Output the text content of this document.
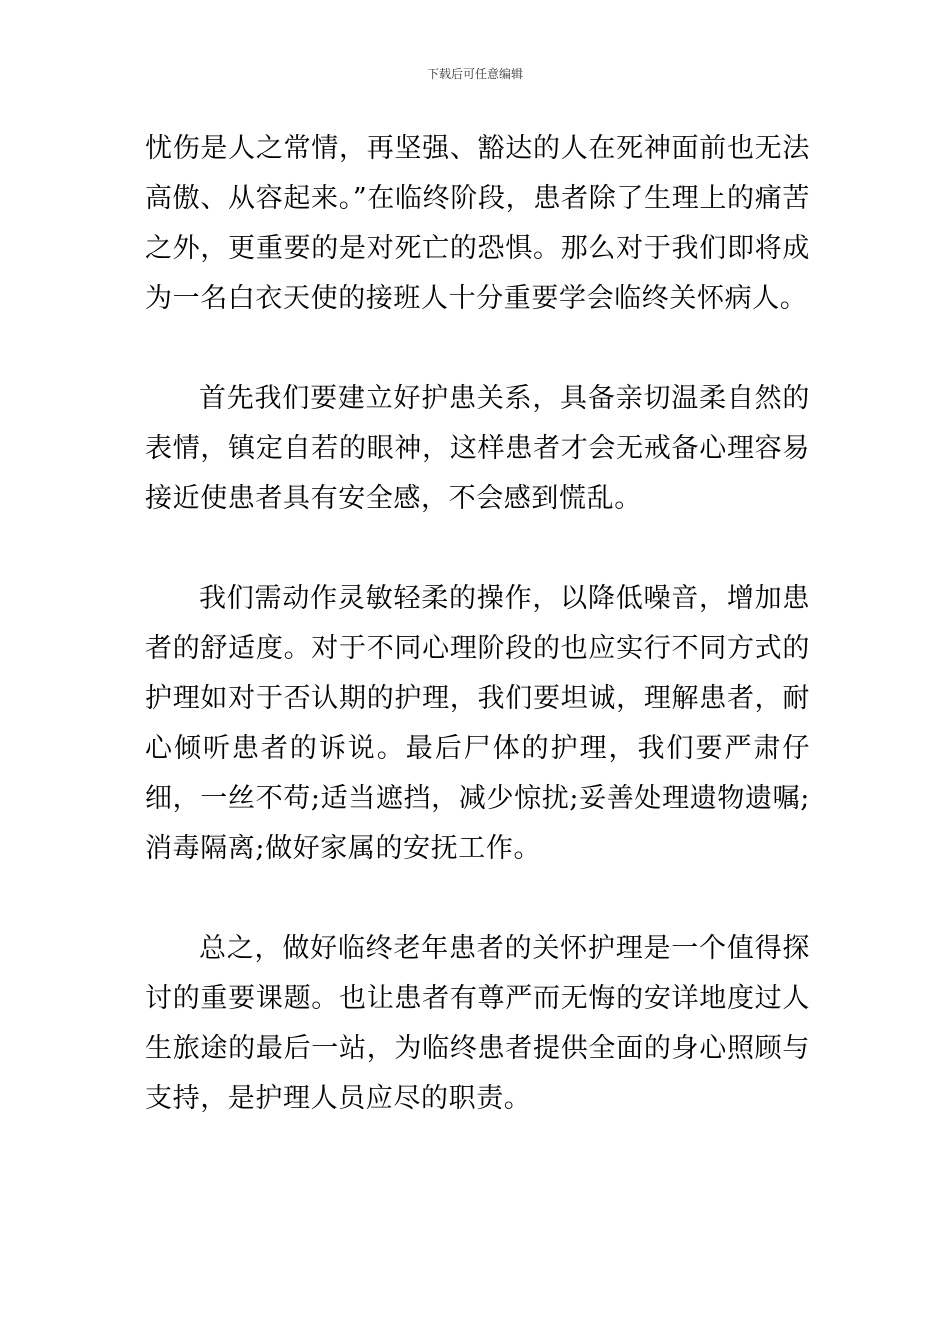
下载后可任意编辑

忧伤是人之常情，再坚强、豁达的人在死神面前也无法高傲、从容起来。”在临终阶段，患者除了生理上的痛苦之外，更重要的是对死亡的恐惧。那么对于我们即将成为一名白衣天使的接班人十分重要学会临终关怀病人。

首先我们要建立好护患关系，具备亲切温柔自然的表情，镇定自若的眼神，这样患者才会无戒备心理容易接近使患者具有安全感，不会感到慌乱。

我们需动作灵敏轻柔的操作，以降低噪音，增加患者的舒适度。对于不同心理阶段的也应实行不同方式的护理如对于否认期的护理，我们要坦诚，理解患者，耐心倾听患者的诉说。最后尸体的护理，我们要严肃仔细，一丝不苟;适当遮挡，减少惊扰;妥善处理遗物遗嘱;消毒隔离;做好家属的安抚工作。

总之，做好临终老年患者的关怀护理是一个值得探讨的重要课题。也让患者有尊严而无悔的安详地度过人生旅途的最后一站，为临终患者提供全面的身心照顾与支持，是护理人员应尽的职责。
